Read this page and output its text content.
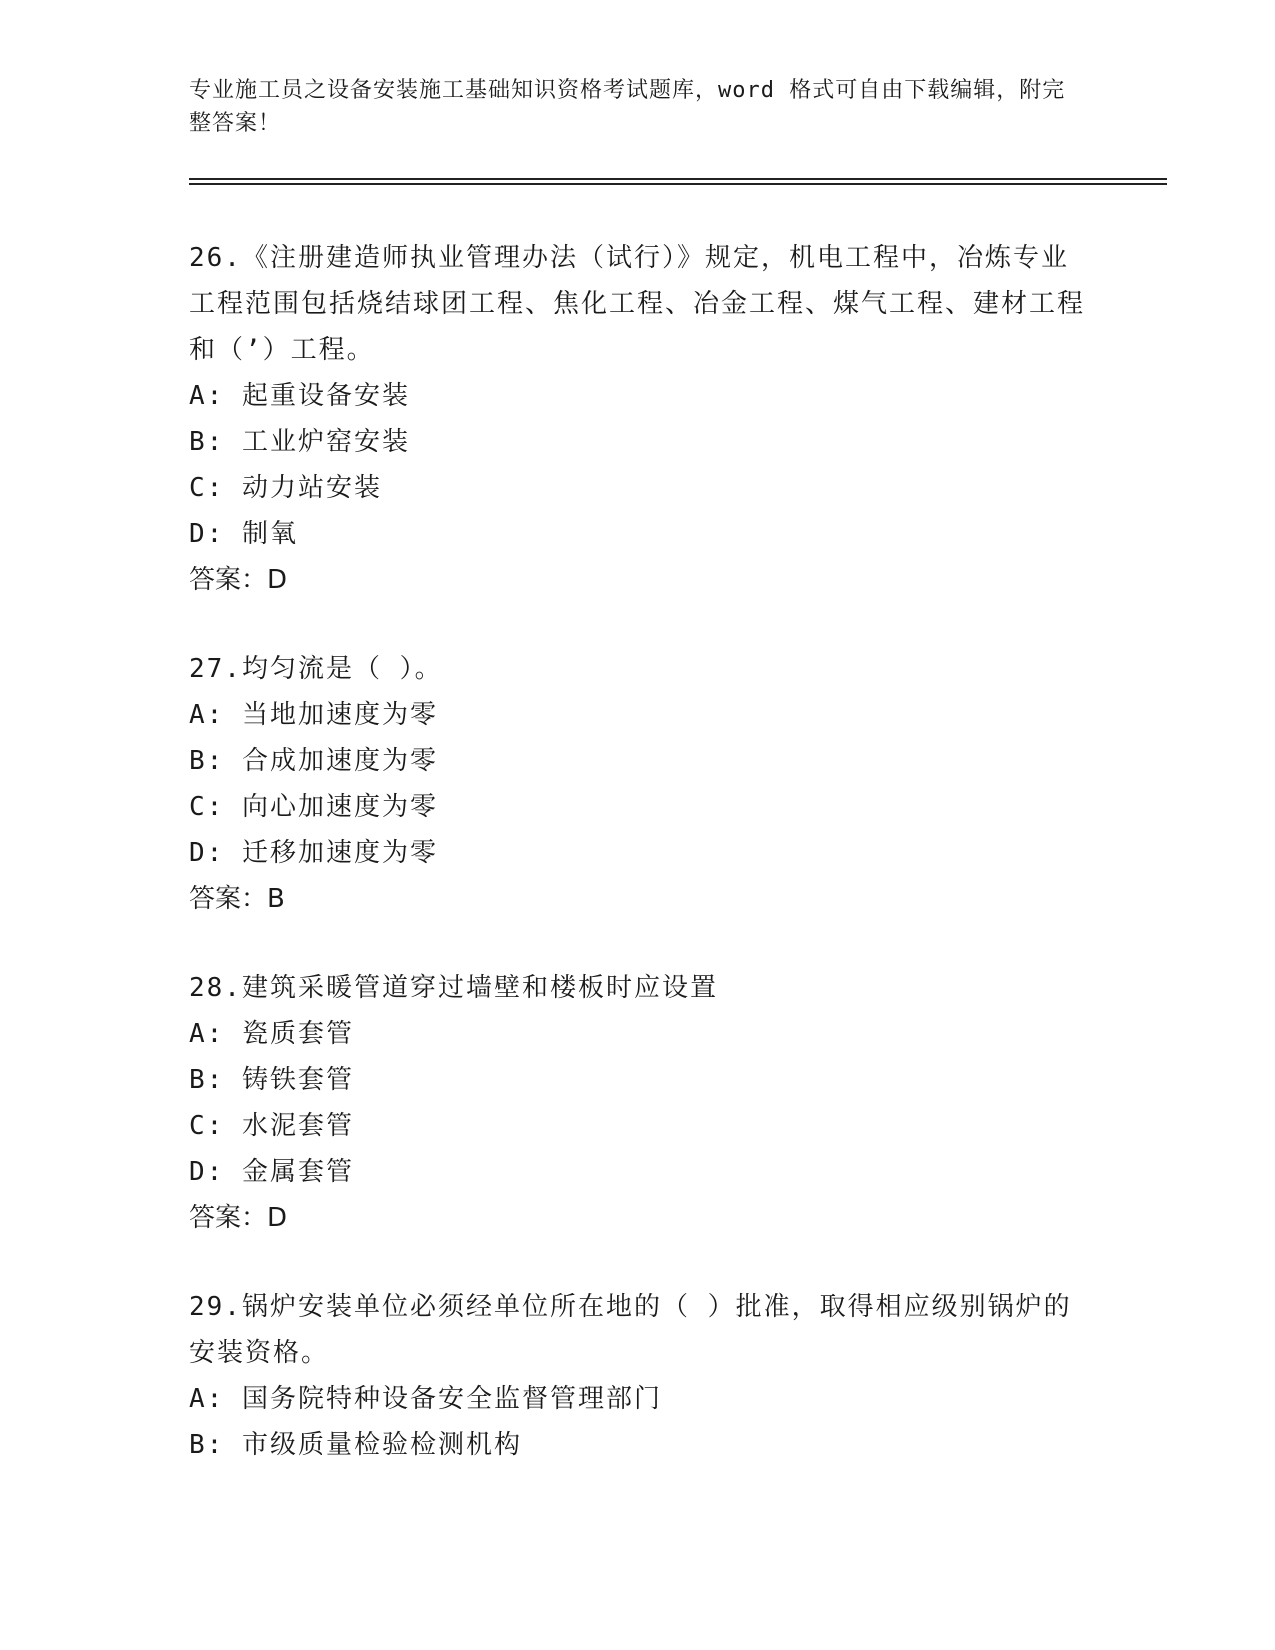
专业施工员之设备安装施工基础知识资格考试题库，word 格式可自由下载编辑，附完整答案！
26.《注册建造师执业管理办法（试行）》规定，机电工程中，冶炼专业工程范围包括烧结球团工程、焦化工程、冶金工程、煤气工程、建材工程和（’）工程。
A: 起重设备安装
B: 工业炉窑安装
C: 动力站安装
D: 制氧
答案：D
27.均匀流是（ ）。
A: 当地加速度为零
B: 合成加速度为零
C: 向心加速度为零
D: 迁移加速度为零
答案：B
28.建筑采暖管道穿过墙壁和楼板时应设置
A: 瓷质套管
B: 铸铁套管
C: 水泥套管
D: 金属套管
答案：D
29.锅炉安装单位必须经单位所在地的（ ）批准，取得相应级别锅炉的安装资格。
A: 国务院特种设备安全监督管理部门
B: 市级质量检验检测机构
